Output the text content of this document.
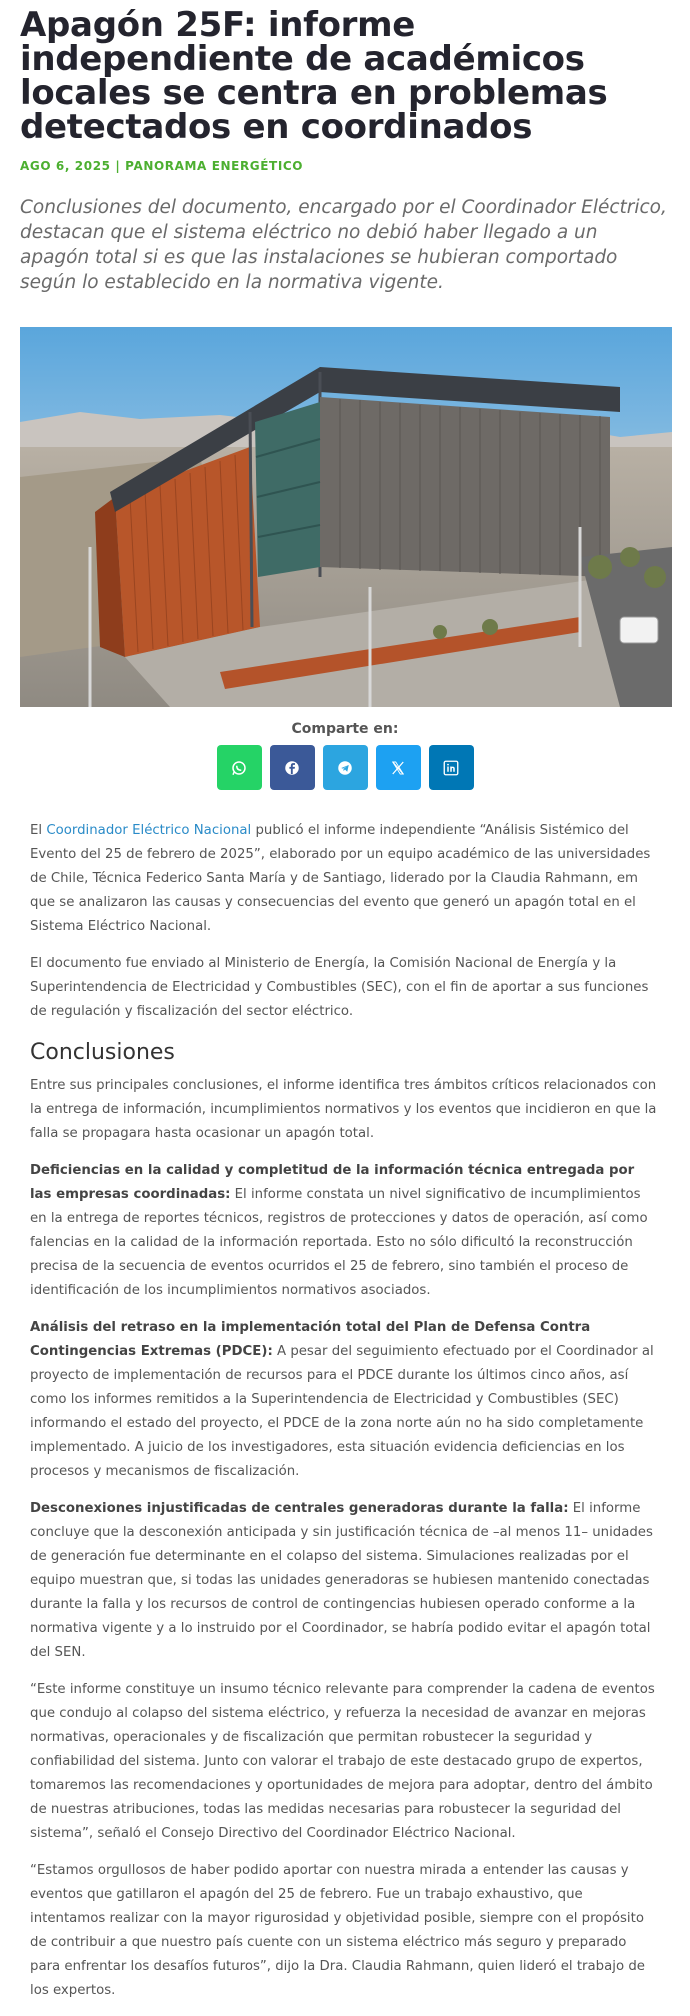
Apagón 25F: informe independiente de académicos locales se centra en problemas detectados en coordinados
AGO 6, 2025 | PANORAMA ENERGÉTICO
Conclusiones del documento, encargado por el Coordinador Eléctrico, destacan que el sistema eléctrico no debió haber llegado a un apagón total si es que las instalaciones se hubieran comportado según lo establecido en la normativa vigente.
Comparte en:

El Coordinador Eléctrico Nacional publicó el informe independiente “Análisis Sistémico del Evento del 25 de febrero de 2025”, elaborado por un equipo académico de las universidades de Chile, Técnica Federico Santa María y de Santiago, liderado por la Claudia Rahmann, em que se analizaron las causas y consecuencias del evento que generó un apagón total en el Sistema Eléctrico Nacional.

El documento fue enviado al Ministerio de Energía, la Comisión Nacional de Energía y la Superintendencia de Electricidad y Combustibles (SEC), con el fin de aportar a sus funciones de regulación y fiscalización del sector eléctrico.

Conclusiones

Entre sus principales conclusiones, el informe identifica tres ámbitos críticos relacionados con la entrega de información, incumplimientos normativos y los eventos que incidieron en que la falla se propagara hasta ocasionar un apagón total.

Deficiencias en la calidad y completitud de la información técnica entregada por las empresas coordinadas: El informe constata un nivel significativo de incumplimientos en la entrega de reportes técnicos, registros de protecciones y datos de operación, así como falencias en la calidad de la información reportada. Esto no sólo dificultó la reconstrucción precisa de la secuencia de eventos ocurridos el 25 de febrero, sino también el proceso de identificación de los incumplimientos normativos asociados.

Análisis del retraso en la implementación total del Plan de Defensa Contra Contingencias Extremas (PDCE): A pesar del seguimiento efectuado por el Coordinador al proyecto de implementación de recursos para el PDCE durante los últimos cinco años, así como los informes remitidos a la Superintendencia de Electricidad y Combustibles (SEC) informando el estado del proyecto, el PDCE de la zona norte aún no ha sido completamente implementado. A juicio de los investigadores, esta situación evidencia deficiencias en los procesos y mecanismos de fiscalización.

Desconexiones injustificadas de centrales generadoras durante la falla: El informe concluye que la desconexión anticipada y sin justificación técnica de –al menos 11– unidades de generación fue determinante en el colapso del sistema. Simulaciones realizadas por el equipo muestran que, si todas las unidades generadoras se hubiesen mantenido conectadas durante la falla y los recursos de control de contingencias hubiesen operado conforme a la normativa vigente y a lo instruido por el Coordinador, se habría podido evitar el apagón total del SEN.

“Este informe constituye un insumo técnico relevante para comprender la cadena de eventos que condujo al colapso del sistema eléctrico, y refuerza la necesidad de avanzar en mejoras normativas, operacionales y de fiscalización que permitan robustecer la seguridad y confiabilidad del sistema. Junto con valorar el trabajo de este destacado grupo de expertos, tomaremos las recomendaciones y oportunidades de mejora para adoptar, dentro del ámbito de nuestras atribuciones, todas las medidas necesarias para robustecer la seguridad del sistema”, señaló el Consejo Directivo del Coordinador Eléctrico Nacional.

“Estamos orgullosos de haber podido aportar con nuestra mirada a entender las causas y eventos que gatillaron el apagón del 25 de febrero. Fue un trabajo exhaustivo, que intentamos realizar con la mayor rigurosidad y objetividad posible, siempre con el propósito de contribuir a que nuestro país cuente con un sistema eléctrico más seguro y preparado para enfrentar los desafíos futuros”, dijo la Dra. Claudia Rahmann, quien lideró el trabajo de los expertos.
